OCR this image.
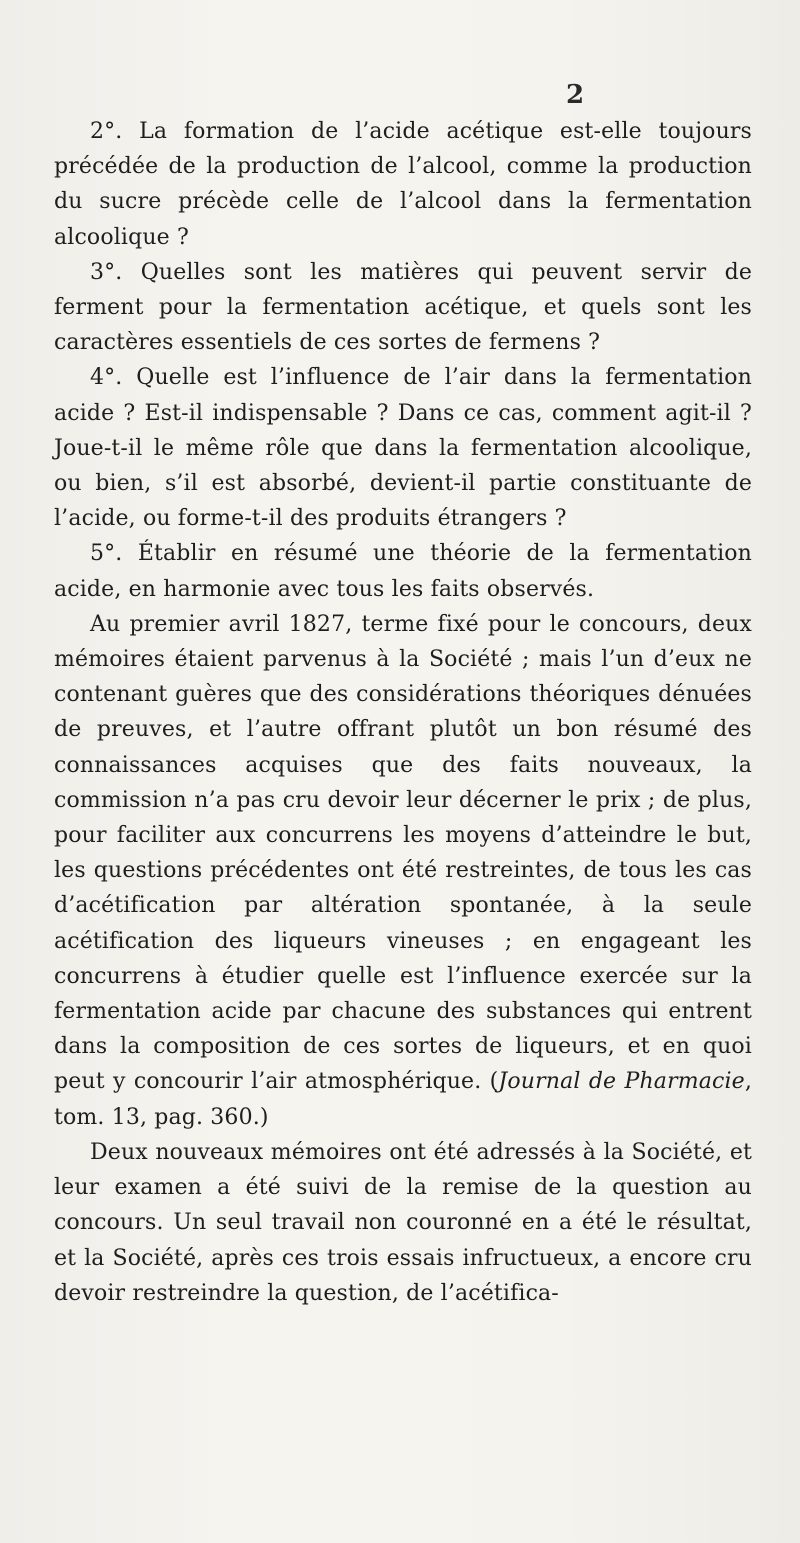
2

2°. La formation de l’acide acétique est-elle toujours précédée de la production de l’alcool, comme la production du sucre précède celle de l’alcool dans la fermentation alcoolique ?

3°. Quelles sont les matières qui peuvent servir de ferment pour la fermentation acétique, et quels sont les caractères essentiels de ces sortes de fermens ?

4°. Quelle est l’influence de l’air dans la fermentation acide ? Est-il indispensable ? Dans ce cas, comment agit-il ? Joue-t-il le même rôle que dans la fermentation alcoolique, ou bien, s’il est absorbé, devient-il partie constituante de l’acide, ou forme-t-il des produits étrangers ?

5°. Établir en résumé une théorie de la fermentation acide, en harmonie avec tous les faits observés.

Au premier avril 1827, terme fixé pour le concours, deux mémoires étaient parvenus à la Société ; mais l’un d’eux ne contenant guères que des considérations théoriques dénuées de preuves, et l’autre offrant plutôt un bon résumé des connaissances acquises que des faits nouveaux, la commission n’a pas cru devoir leur décerner le prix ; de plus, pour faciliter aux concurrens les moyens d’atteindre le but, les questions précédentes ont été restreintes, de tous les cas d’acétification par altération spontanée, à la seule acétification des liqueurs vineuses ; en engageant les concurrens à étudier quelle est l’influence exercée sur la fermentation acide par chacune des substances qui entrent dans la composition de ces sortes de liqueurs, et en quoi peut y concourir l’air atmosphérique. (Journal de Pharmacie, tom. 13, pag. 360.)

Deux nouveaux mémoires ont été adressés à la Société, et leur examen a été suivi de la remise de la question au concours. Un seul travail non couronné en a été le résultat, et la Société, après ces trois essais infructueux, a encore cru devoir restreindre la question, de l’acétifica-
